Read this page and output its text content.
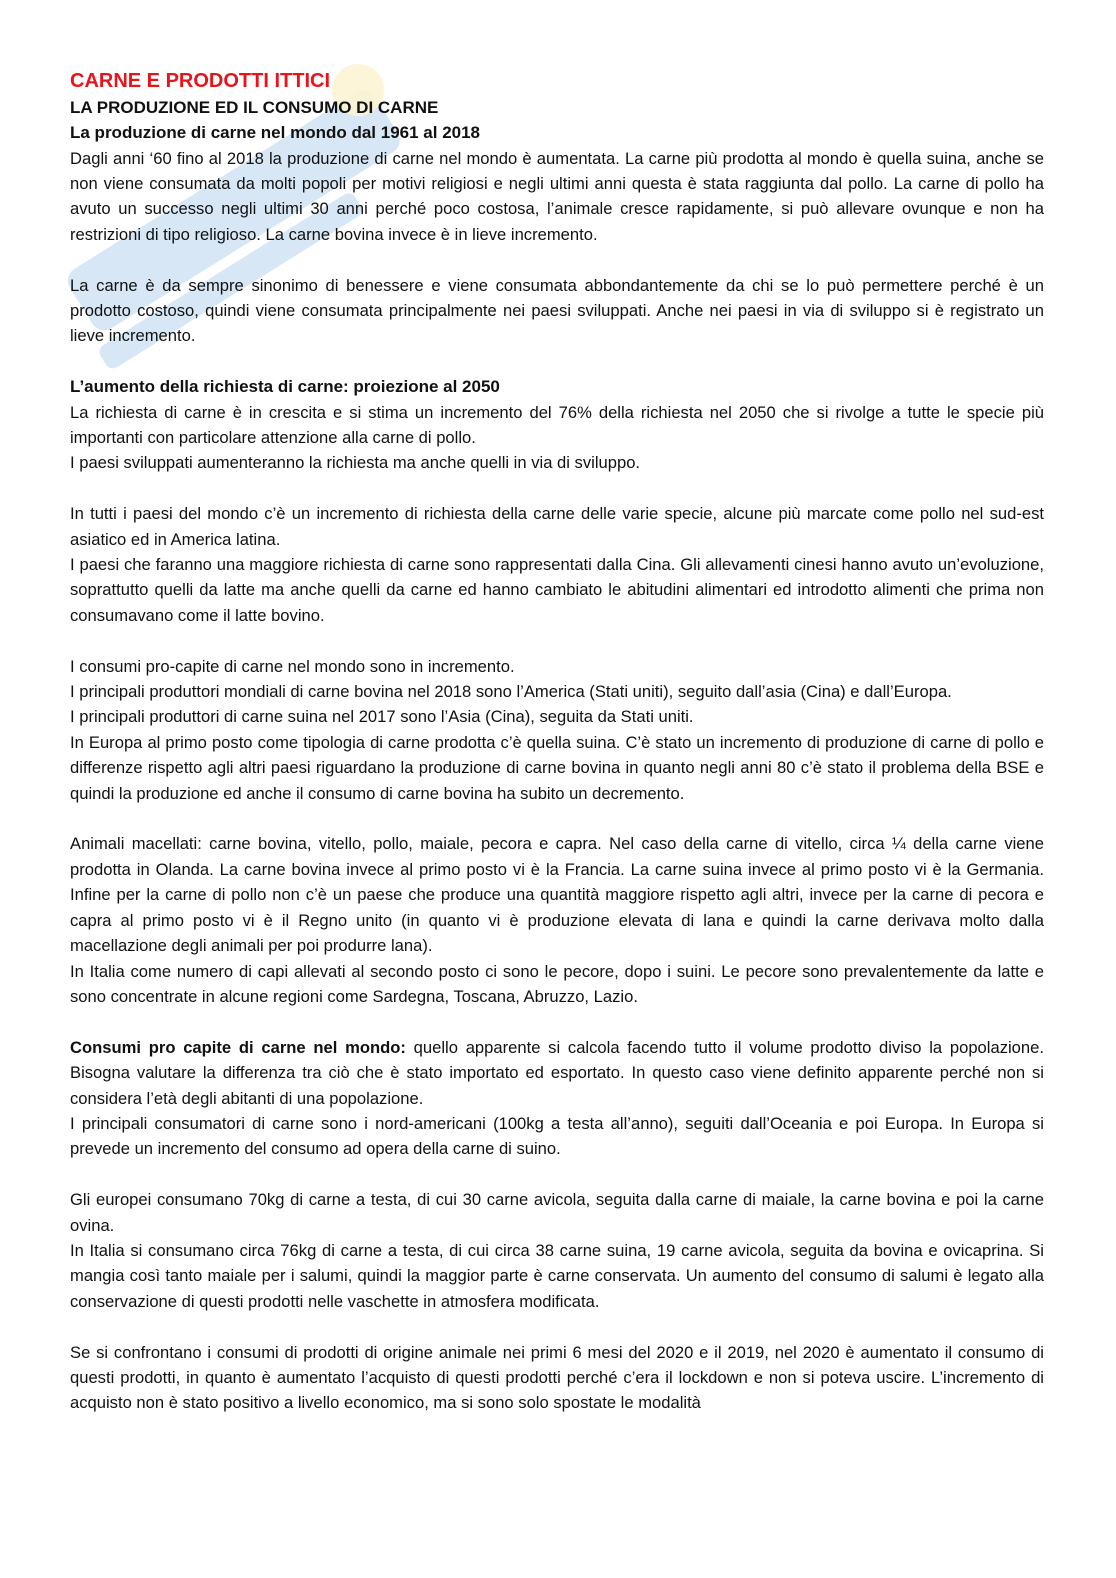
CARNE E PRODOTTI ITTICI
LA PRODUZIONE ED IL CONSUMO DI CARNE
La produzione di carne nel mondo dal 1961 al 2018

Dagli anni ‘60 fino al 2018 la produzione di carne nel mondo è aumentata. La carne più prodotta al mondo è quella suina, anche se non viene consumata da molti popoli per motivi religiosi e negli ultimi anni questa è stata raggiunta dal pollo. La carne di pollo ha avuto un successo negli ultimi 30 anni perché poco costosa, l’animale cresce rapidamente, si può allevare ovunque e non ha restrizioni di tipo religioso. La carne bovina invece è in lieve incremento.

La carne è da sempre sinonimo di benessere e viene consumata abbondantemente da chi se lo può permettere perché è un prodotto costoso, quindi viene consumata principalmente nei paesi sviluppati. Anche nei paesi in via di sviluppo si è registrato un lieve incremento.

L’aumento della richiesta di carne: proiezione al 2050

La richiesta di carne è in crescita e si stima un incremento del 76% della richiesta nel 2050 che si rivolge a tutte le specie più importanti con particolare attenzione alla carne di pollo.

I paesi sviluppati aumenteranno la richiesta ma anche quelli in via di sviluppo.

In tutti i paesi del mondo c’è un incremento di richiesta della carne delle varie specie, alcune più marcate come pollo nel sud-est asiatico ed in America latina.

I paesi che faranno una maggiore richiesta di carne sono rappresentati dalla Cina. Gli allevamenti cinesi hanno avuto un’evoluzione, soprattutto quelli da latte ma anche quelli da carne ed hanno cambiato le abitudini alimentari ed introdotto alimenti che prima non consumavano come il latte bovino.

I consumi pro-capite di carne nel mondo sono in incremento.

I principali produttori mondiali di carne bovina nel 2018 sono l’America (Stati uniti), seguito dall’asia (Cina) e dall’Europa.

I principali produttori di carne suina nel 2017 sono l’Asia (Cina), seguita da Stati uniti.

In Europa al primo posto come tipologia di carne prodotta c’è quella suina. C’è stato un incremento di produzione di carne di pollo e differenze rispetto agli altri paesi riguardano la produzione di carne bovina in quanto negli anni 80 c’è stato il problema della BSE e quindi la produzione ed anche il consumo di carne bovina ha subito un decremento.

Animali macellati: carne bovina, vitello, pollo, maiale, pecora e capra. Nel caso della carne di vitello, circa ¼ della carne viene prodotta in Olanda. La carne bovina invece al primo posto vi è la Francia. La carne suina invece al primo posto vi è la Germania. Infine per la carne di pollo non c’è un paese che produce una quantità maggiore rispetto agli altri, invece per la carne di pecora e capra al primo posto vi è il Regno unito (in quanto vi è produzione elevata di lana e quindi la carne derivava molto dalla macellazione degli animali per poi produrre lana).

In Italia come numero di capi allevati al secondo posto ci sono le pecore, dopo i suini. Le pecore sono prevalentemente da latte e sono concentrate in alcune regioni come Sardegna, Toscana, Abruzzo, Lazio.

Consumi pro capite di carne nel mondo: quello apparente si calcola facendo tutto il volume prodotto diviso la popolazione. Bisogna valutare la differenza tra ciò che è stato importato ed esportato. In questo caso viene definito apparente perché non si considera l’età degli abitanti di una popolazione.

I principali consumatori di carne sono i nord-americani (100kg a testa all’anno), seguiti dall’Oceania e poi Europa. In Europa si prevede un incremento del consumo ad opera della carne di suino.

Gli europei consumano 70kg di carne a testa, di cui 30 carne avicola, seguita dalla carne di maiale, la carne bovina e poi la carne ovina.

In Italia si consumano circa 76kg di carne a testa, di cui circa 38 carne suina, 19 carne avicola, seguita da bovina e ovicaprina. Si mangia così tanto maiale per i salumi, quindi la maggior parte è carne conservata. Un aumento del consumo di salumi è legato alla conservazione di questi prodotti nelle vaschette in atmosfera modificata.

Se si confrontano i consumi di prodotti di origine animale nei primi 6 mesi del 2020 e il 2019, nel 2020 è aumentato il consumo di questi prodotti, in quanto è aumentato l’acquisto di questi prodotti perché c’era il lockdown e non si poteva uscire. L’incremento di acquisto non è stato positivo a livello economico, ma si sono solo spostate le modalità
